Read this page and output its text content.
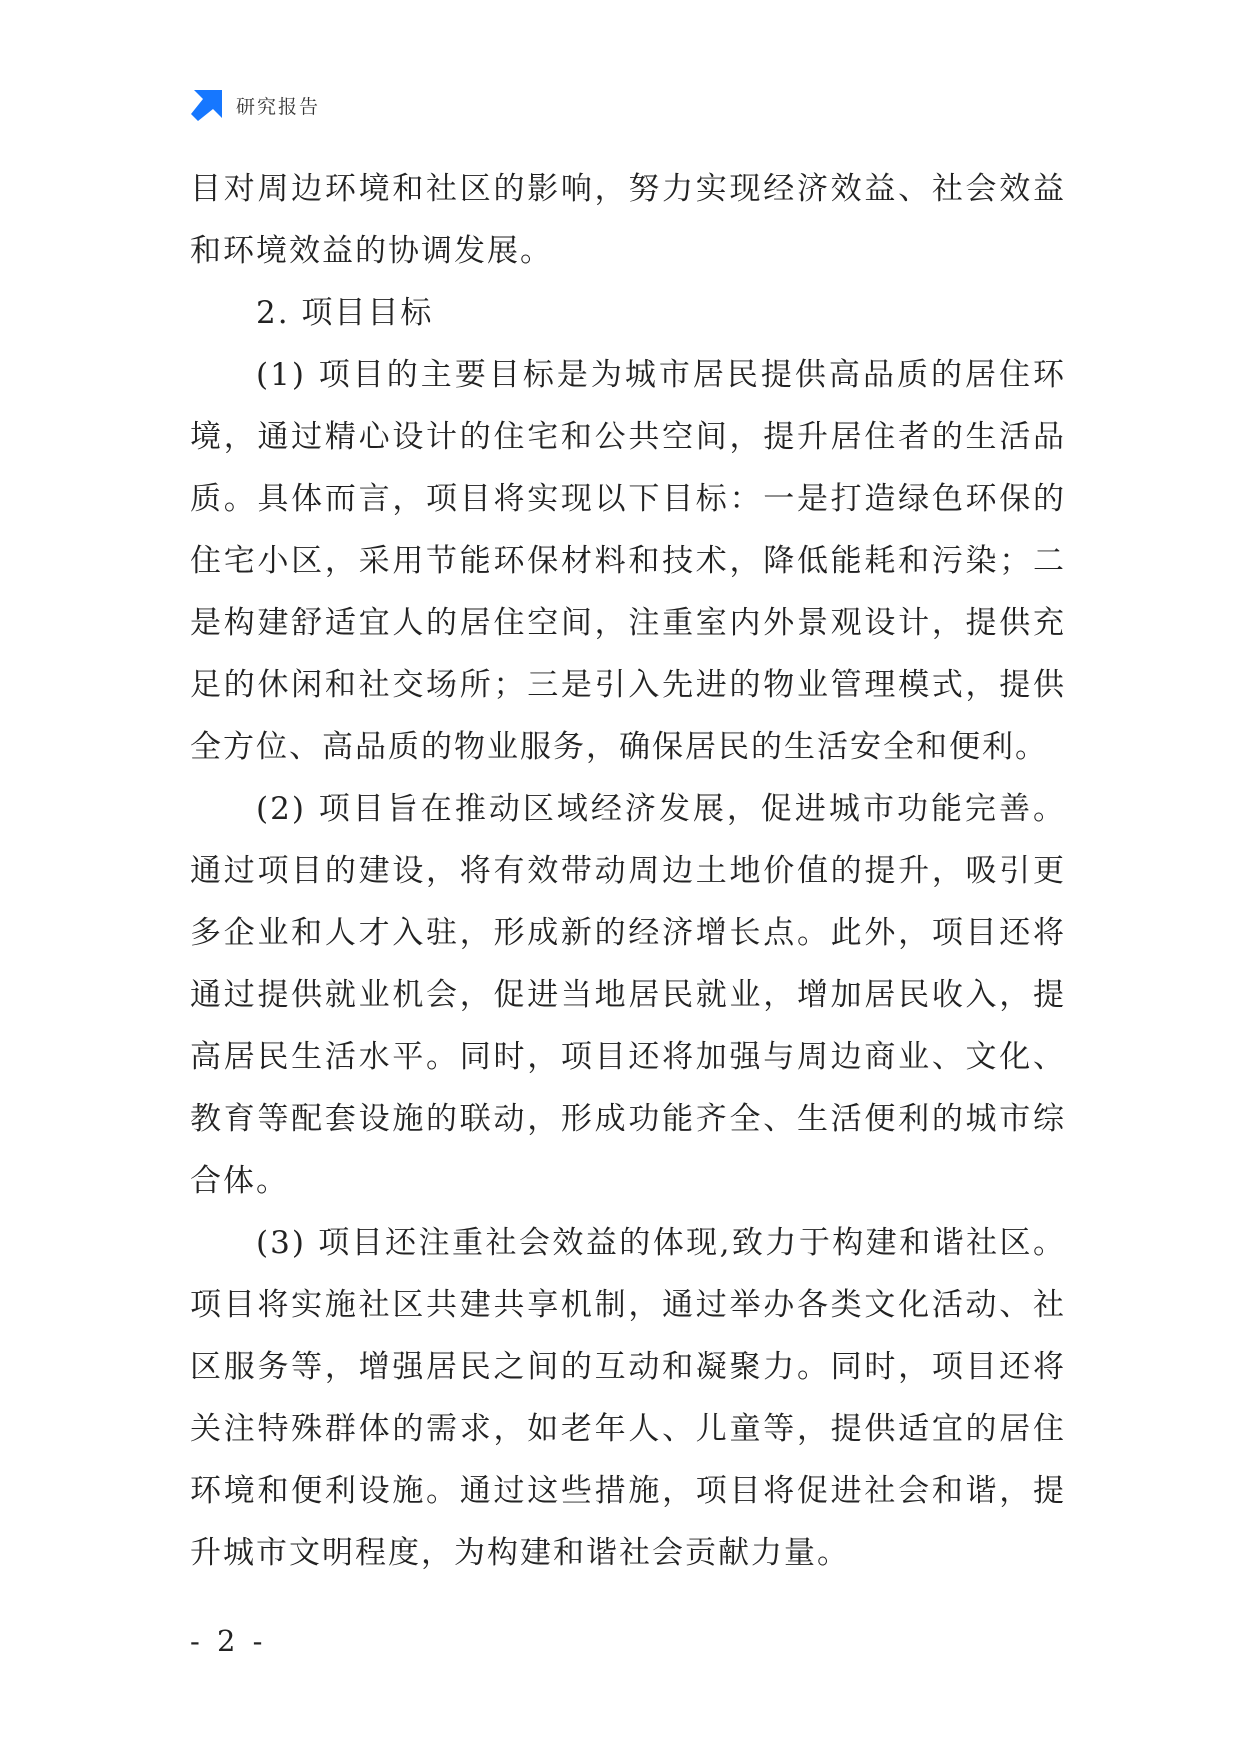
研究报告

目对周边环境和社区的影响，努力实现经济效益、社会效益和环境效益的协调发展。

2. 项目目标

(1) 项目的主要目标是为城市居民提供高品质的居住环境，通过精心设计的住宅和公共空间，提升居住者的生活品质。具体而言，项目将实现以下目标：一是打造绿色环保的住宅小区，采用节能环保材料和技术，降低能耗和污染；二是构建舒适宜人的居住空间，注重室内外景观设计，提供充足的休闲和社交场所；三是引入先进的物业管理模式，提供全方位、高品质的物业服务，确保居民的生活安全和便利。

(2) 项目旨在推动区域经济发展，促进城市功能完善。通过项目的建设，将有效带动周边土地价值的提升，吸引更多企业和人才入驻，形成新的经济增长点。此外，项目还将通过提供就业机会，促进当地居民就业，增加居民收入，提高居民生活水平。同时，项目还将加强与周边商业、文化、教育等配套设施的联动，形成功能齐全、生活便利的城市综合体。

(3) 项目还注重社会效益的体现,致力于构建和谐社区。项目将实施社区共建共享机制，通过举办各类文化活动、社区服务等，增强居民之间的互动和凝聚力。同时，项目还将关注特殊群体的需求，如老年人、儿童等，提供适宜的居住环境和便利设施。通过这些措施，项目将促进社会和谐，提升城市文明程度，为构建和谐社会贡献力量。

- 2 -
